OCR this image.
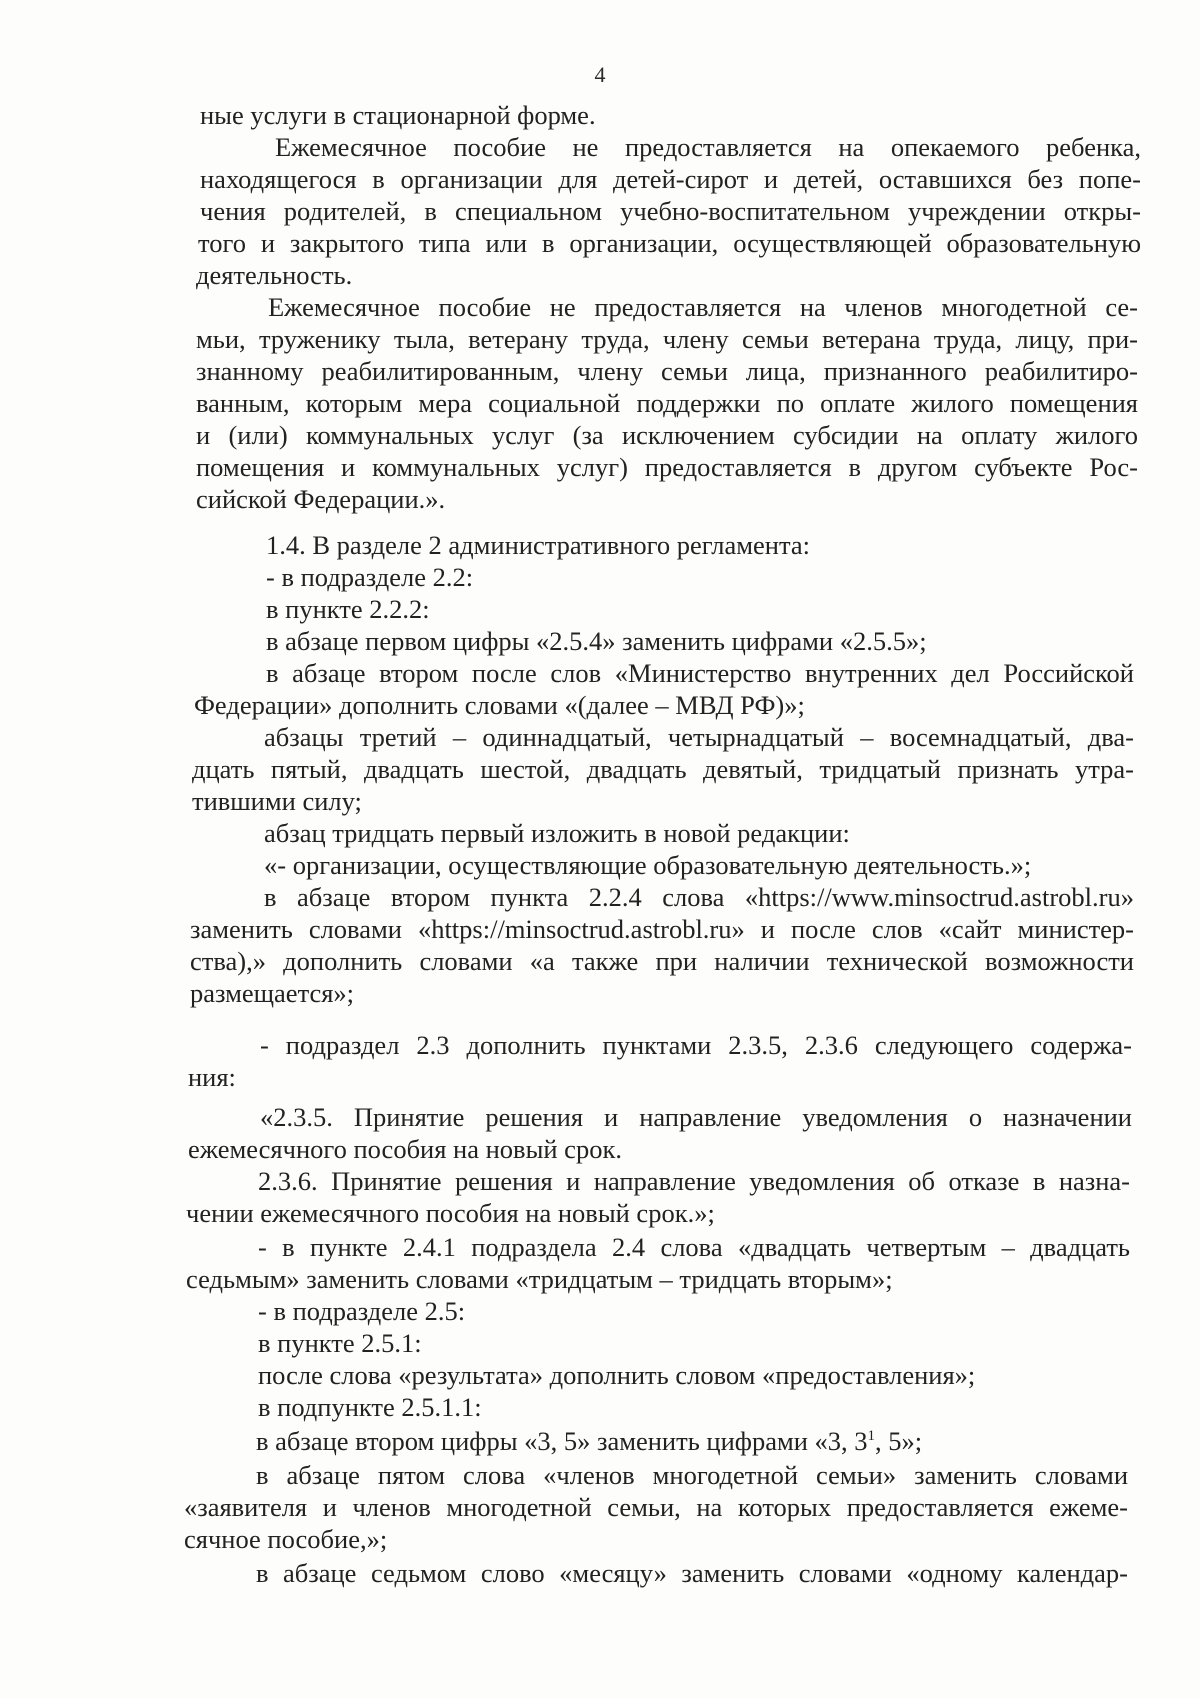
4
ные услуги в стационарной форме.
Ежемесячное пособие не предоставляется на опекаемого ребенка,
находящегося в организации для детей-сирот и детей, оставшихся без попе-
чения родителей, в специальном учебно-воспитательном учреждении откры-
того и закрытого типа или в организации, осуществляющей образовательную
деятельность.
Ежемесячное пособие не предоставляется на членов многодетной се-
мьи, труженику тыла, ветерану труда, члену семьи ветерана труда, лицу, при-
знанному реабилитированным, члену семьи лица, признанного реабилитиро-
ванным, которым мера социальной поддержки по оплате жилого помещения
и (или) коммунальных услуг (за исключением субсидии на оплату жилого
помещения и коммунальных услуг) предоставляется в другом субъекте Рос-
сийской Федерации.».
1.4. В разделе 2 административного регламента:
- в подразделе 2.2:
в пункте 2.2.2:
в абзаце первом цифры «2.5.4» заменить цифрами «2.5.5»;
в абзаце втором после слов «Министерство внутренних дел Российской
Федерации» дополнить словами «(далее – МВД РФ)»;
абзацы третий – одиннадцатый, четырнадцатый – восемнадцатый, два-
дцать пятый, двадцать шестой, двадцать девятый, тридцатый признать утра-
тившими силу;
абзац тридцать первый изложить в новой редакции:
«- организации, осуществляющие образовательную деятельность.»;
в абзаце втором пункта 2.2.4 слова «https://www.minsoctrud.astrobl.ru»
заменить словами «https://minsoctrud.astrobl.ru» и после слов «сайт министер-
ства),» дополнить словами «а также при наличии технической возможности
размещается»;
- подраздел 2.3 дополнить пунктами 2.3.5, 2.3.6 следующего содержа-
ния:
«2.3.5. Принятие решения и направление уведомления о назначении
ежемесячного пособия на новый срок.
2.3.6. Принятие решения и направление уведомления об отказе в назна-
чении ежемесячного пособия на новый срок.»;
- в пункте 2.4.1 подраздела 2.4 слова «двадцать четвертым – двадцать
седьмым» заменить словами «тридцатым – тридцать вторым»;
- в подразделе 2.5:
в пункте 2.5.1:
после слова «результата» дополнить словом «предоставления»;
в подпункте 2.5.1.1:
в абзаце втором цифры «3, 5» заменить цифрами «3, $3^1$, 5»;
в абзаце пятом слова «членов многодетной семьи» заменить словами
«заявителя и членов многодетной семьи, на которых предоставляется ежеме-
сячное пособие,»;
в абзаце седьмом слово «месяцу» заменить словами «одному календар-
